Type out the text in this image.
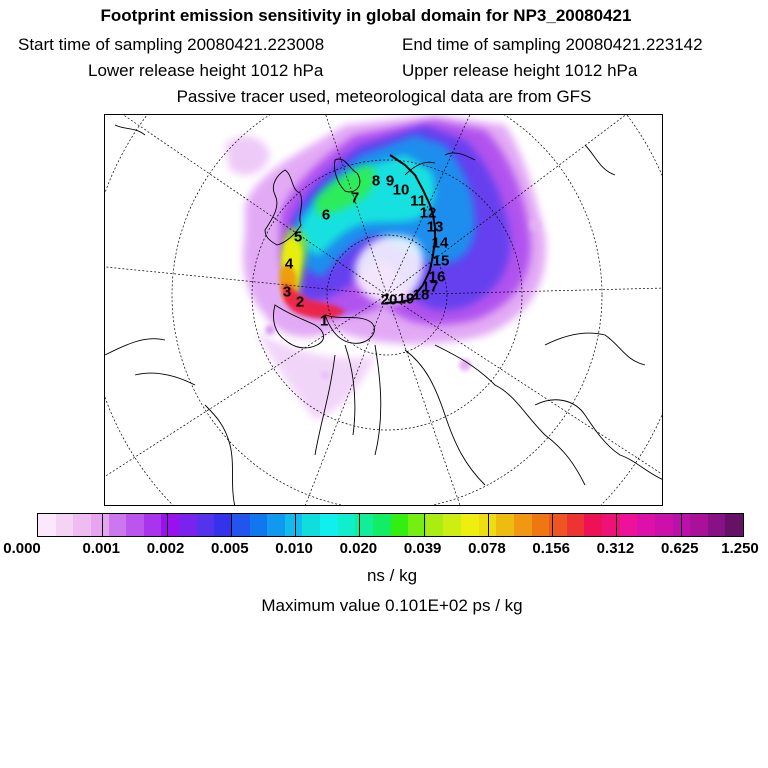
Footprint emission sensitivity in global domain for NP3_20080421
Start time of sampling 20080421.223008	End time of sampling 20080421.223142
Lower release height 1012 hPa	Upper release height 1012 hPa
Passive tracer used, meteorological data are from GFS
1
2
3
4
5
6
7
8 9
10
11
12
13
14
15
16
17
18
19
20
0.000	0.001 0.002 0.005 0.010 0.020 0.039 0.078 0.156 0.312 0.625 1.250
ns / kg
Maximum value 0.101E+02 ps / kg
